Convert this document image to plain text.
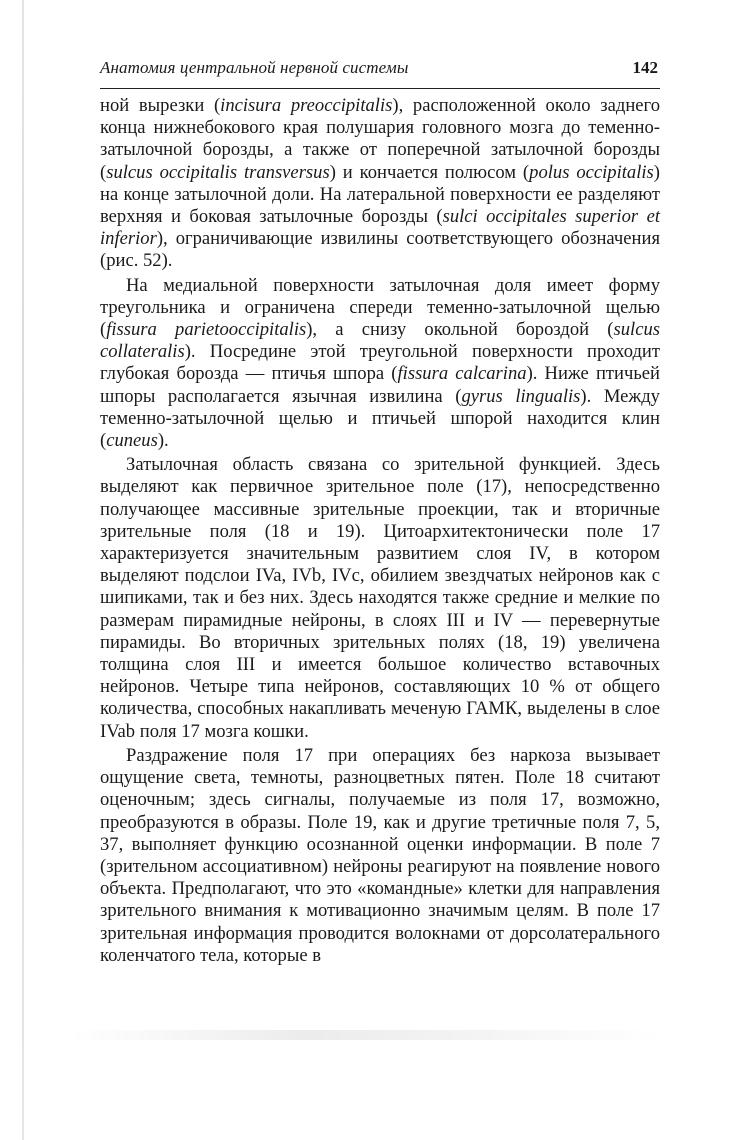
Анатомия центральной нервной системы	142

ной вырезки (incisura preoccipitalis), расположенной около заднего конца нижнебокового края полушария головного мозга до теменно-затылочной борозды, а также от поперечной затылочной борозды (sulcus occipitalis transversus) и кончается полюсом (polus occipitalis) на конце затылочной доли. На латеральной поверхности ее разделяют верхняя и боковая затылочные борозды (sulci occipitales superior et inferior), ограничивающие извилины соответствующего обозначения (рис. 52).

На медиальной поверхности затылочная доля имеет форму треугольника и ограничена спереди теменно-затылочной щелью (fissura parietooccipitalis), а снизу окольной бороздой (sulcus collateralis). Посредине этой треугольной поверхности проходит глубокая борозда — птичья шпора (fissura calcarina). Ниже птичьей шпоры располагается язычная извилина (gyrus lingualis). Между теменно-затылочной щелью и птичьей шпорой находится клин (cuneus).

Затылочная область связана со зрительной функцией. Здесь выделяют как первичное зрительное поле (17), непосредственно получающее массивные зрительные проекции, так и вторичные зрительные поля (18 и 19). Цитоархитектонически поле 17 характеризуется значительным развитием слоя IV, в котором выделяют подслои IVa, IVb, IVc, обилием звездчатых нейронов как с шипиками, так и без них. Здесь находятся также средние и мелкие по размерам пирамидные нейроны, в слоях III и IV — перевернутые пирамиды. Во вторичных зрительных полях (18, 19) увеличена толщина слоя III и имеется большое количество вставочных нейронов. Четыре типа нейронов, составляющих 10 % от общего количества, способных накапливать меченую ГАМК, выделены в слое IVab поля 17 мозга кошки.

Раздражение поля 17 при операциях без наркоза вызывает ощущение света, темноты, разноцветных пятен. Поле 18 считают оценочным; здесь сигналы, получаемые из поля 17, возможно, преобразуются в образы. Поле 19, как и другие третичные поля 7, 5, 37, выполняет функцию осознанной оценки информации. В поле 7 (зрительном ассоциативном) нейроны реагируют на появление нового объекта. Предполагают, что это «командные» клетки для направления зрительного внимания к мотивационно значимым целям. В поле 17 зрительная информация проводится волокнами от дорсолатерального коленчатого тела, которые в
